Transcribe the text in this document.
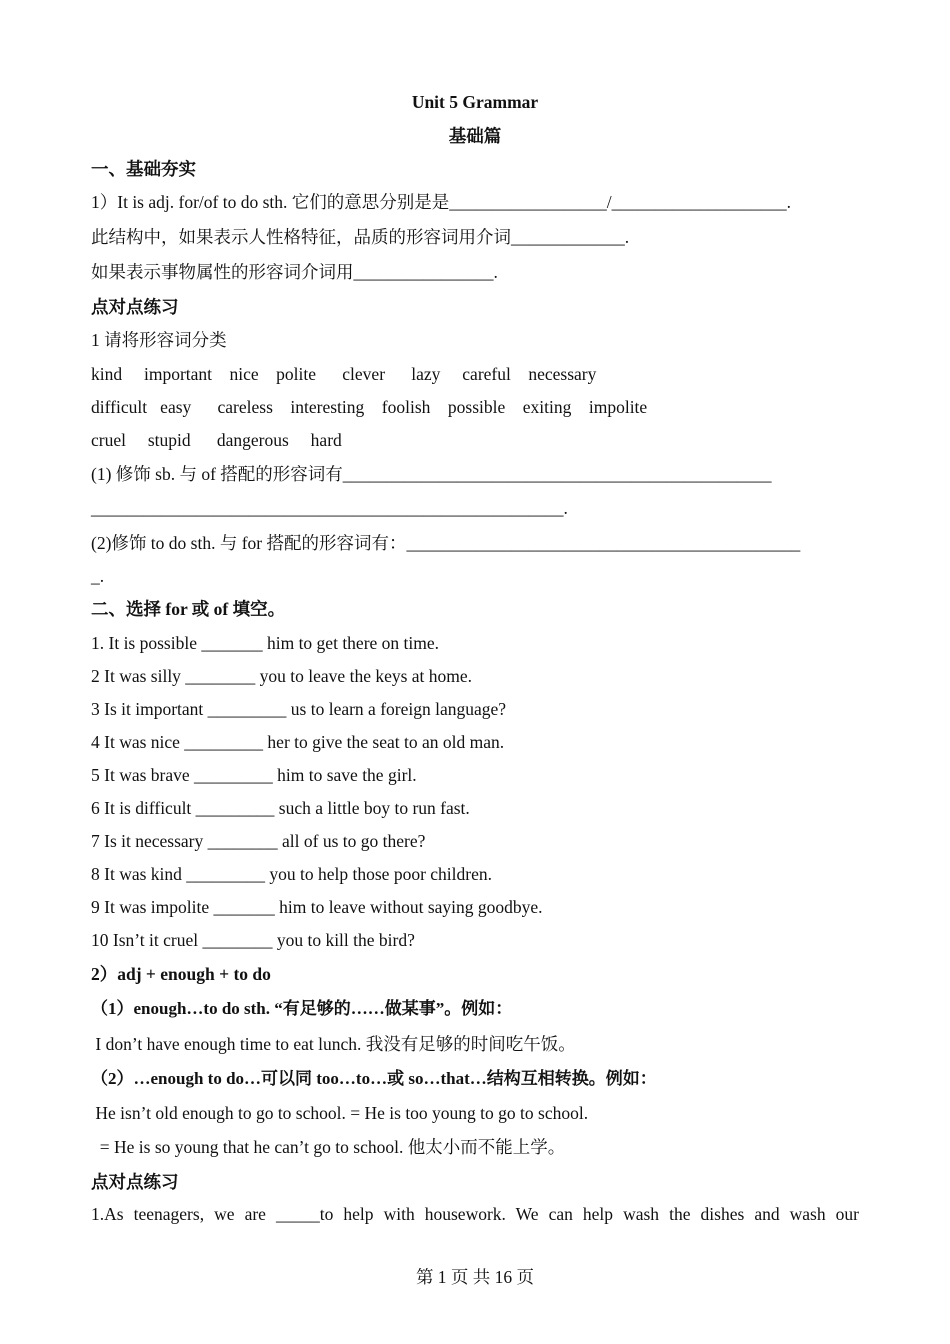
Unit 5 Grammar
基础篇
一、基础夯实
1）It is adj. for/of to do sth. 它们的意思分别是是__________________/____________________.
此结构中，如果表示人性格特征，品质的形容词用介词_____________.
如果表示事物属性的形容词介词用________________.
点对点练习
1 请将形容词分类
kind     important    nice    polite      clever      lazy     careful    necessary
difficult   easy      careless    interesting    foolish    possible    exiting    impolite
cruel     stupid      dangerous     hard
(1) 修饰 sb. 与 of 搭配的形容词有_________________________________________________
______________________________________________________.
(2)修饰 to do sth. 与 for 搭配的形容词有：_____________________________________________
_.
二、选择 for 或 of 填空。
1. It is possible _______ him to get there on time.
2 It was silly ________ you to leave the keys at home.
3 Is it important _________ us to learn a foreign language?
4 It was nice _________ her to give the seat to an old man.
5 It was brave _________ him to save the girl.
6 It is difficult _________ such a little boy to run fast.
7 Is it necessary ________ all of us to go there?
8 It was kind _________ you to help those poor children.
9 It was impolite _______ him to leave without saying goodbye.
10 Isn’t it cruel ________ you to kill the bird?
2）adj + enough + to do
（1）enough…to do sth. “有足够的……做某事”。例如：
I don’t have enough time to eat lunch. 我没有足够的时间吃午饭。
（2）…enough to do…可以同 too…to…或 so…that…结构互相转换。例如：
He isn’t old enough to go to school. = He is too young to go to school.
= He is so young that he can’t go to school. 他太小而不能上学。
点对点练习
1.As teenagers, we are _____to help with housework. We can help wash the dishes and wash our
第 1 页 共 16 页
